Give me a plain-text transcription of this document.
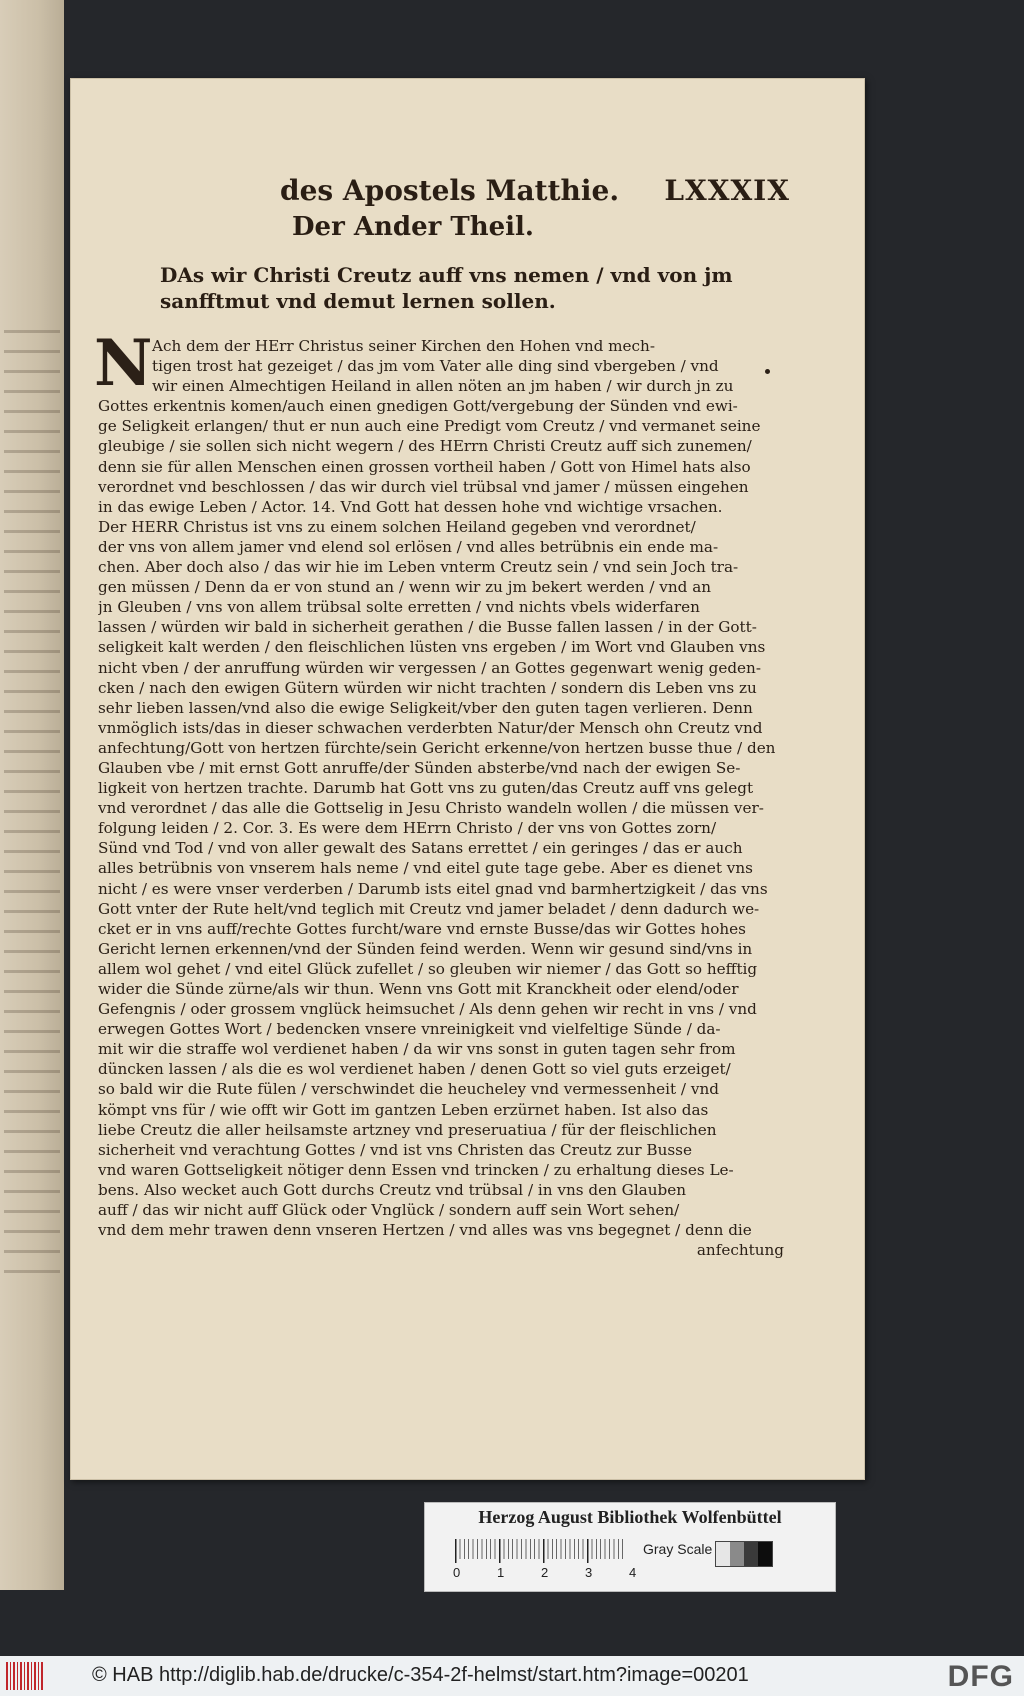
des Apostels Matthie. LXXXIX
Der Ander Theil.
DAs wir Christi Creutz auff vns nemen / vnd von jm
sanfftmut vnd demut lernen sollen.
N Ach dem der HErr Christus seiner Kirchen den Hohen vnd mech-
tigen trost hat gezeiget / das jm vom Vater alle ding sind vbergeben / vnd
wir einen Almechtigen Heiland in allen nöten an jm haben / wir durch jn zu
Gottes erkentnis komen/auch einen gnedigen Gott/vergebung der Sünden vnd ewi-
ge Seligkeit erlangen/ thut er nun auch eine Predigt vom Creutz / vnd vermanet seine
gleubige / sie sollen sich nicht wegern / des HErrn Christi Creutz auff sich zunemen/
denn sie für allen Menschen einen grossen vortheil haben / Gott von Himel hats also
verordnet vnd beschlossen / das wir durch viel trübsal vnd jamer / müssen eingehen
in das ewige Leben / Actor. 14. Vnd Gott hat dessen hohe vnd wichtige vrsachen.
Der HERR Christus ist vns zu einem solchen Heiland gegeben vnd verordnet/
der vns von allem jamer vnd elend sol erlösen / vnd alles betrübnis ein ende ma-
chen. Aber doch also / das wir hie im Leben vnterm Creutz sein / vnd sein Joch tra-
gen müssen / Denn da er von stund an / wenn wir zu jm bekert werden / vnd an
jn Gleuben / vns von allem trübsal solte erretten / vnd nichts vbels widerfaren
lassen / würden wir bald in sicherheit gerathen / die Busse fallen lassen / in der Gott-
seligkeit kalt werden / den fleischlichen lüsten vns ergeben / im Wort vnd Glauben vns
nicht vben / der anruffung würden wir vergessen / an Gottes gegenwart wenig geden-
cken / nach den ewigen Gütern würden wir nicht trachten / sondern dis Leben vns zu
sehr lieben lassen/vnd also die ewige Seligkeit/vber den guten tagen verlieren. Denn
vnmöglich ists/das in dieser schwachen verderbten Natur/der Mensch ohn Creutz vnd
anfechtung/Gott von hertzen fürchte/sein Gericht erkenne/von hertzen busse thue / den
Glauben vbe / mit ernst Gott anruffe/der Sünden absterbe/vnd nach der ewigen Se-
ligkeit von hertzen trachte. Darumb hat Gott vns zu guten/das Creutz auff vns gelegt
vnd verordnet / das alle die Gottselig in Jesu Christo wandeln wollen / die müssen ver-
folgung leiden / 2. Cor. 3. Es were dem HErrn Christo / der vns von Gottes zorn/
Sünd vnd Tod / vnd von aller gewalt des Satans errettet / ein geringes / das er auch
alles betrübnis von vnserem hals neme / vnd eitel gute tage gebe. Aber es dienet vns
nicht / es were vnser verderben / Darumb ists eitel gnad vnd barmhertzigkeit / das vns
Gott vnter der Rute helt/vnd teglich mit Creutz vnd jamer beladet / denn dadurch we-
cket er in vns auff/rechte Gottes furcht/ware vnd ernste Busse/das wir Gottes hohes
Gericht lernen erkennen/vnd der Sünden feind werden. Wenn wir gesund sind/vns in
allem wol gehet / vnd eitel Glück zufellet / so gleuben wir niemer / das Gott so hefftig
wider die Sünde zürne/als wir thun. Wenn vns Gott mit Kranckheit oder elend/oder
Gefengnis / oder grossem vnglück heimsuchet / Als denn gehen wir recht in vns / vnd
erwegen Gottes Wort / bedencken vnsere vnreinigkeit vnd vielfeltige Sünde / da-
mit wir die straffe wol verdienet haben / da wir vns sonst in guten tagen sehr from
düncken lassen / als die es wol verdienet haben / denen Gott so viel guts erzeiget/
so bald wir die Rute fülen / verschwindet die heucheley vnd vermessenheit / vnd
kömpt vns für / wie offt wir Gott im gantzen Leben erzürnet haben. Ist also das
liebe Creutz die aller heilsamste artzney vnd preseruatiua / für der fleischlichen
sicherheit vnd verachtung Gottes / vnd ist vns Christen das Creutz zur Busse
vnd waren Gottseligkeit nötiger denn Essen vnd trincken / zu erhaltung dieses Le-
bens. Also wecket auch Gott durchs Creutz vnd trübsal / in vns den Glauben
auff / das wir nicht auff Glück oder Vnglück / sondern auff sein Wort sehen/
vnd dem mehr trawen denn vnseren Hertzen / vnd alles was vns begegnet / denn die
anfechtung
Herzog August Bibliothek Wolfenbüttel
0	1	2	3	4
Gray Scale
© HAB http://diglib.hab.de/drucke/c-354-2f-helmst/start.htm?image=00201	DFG
